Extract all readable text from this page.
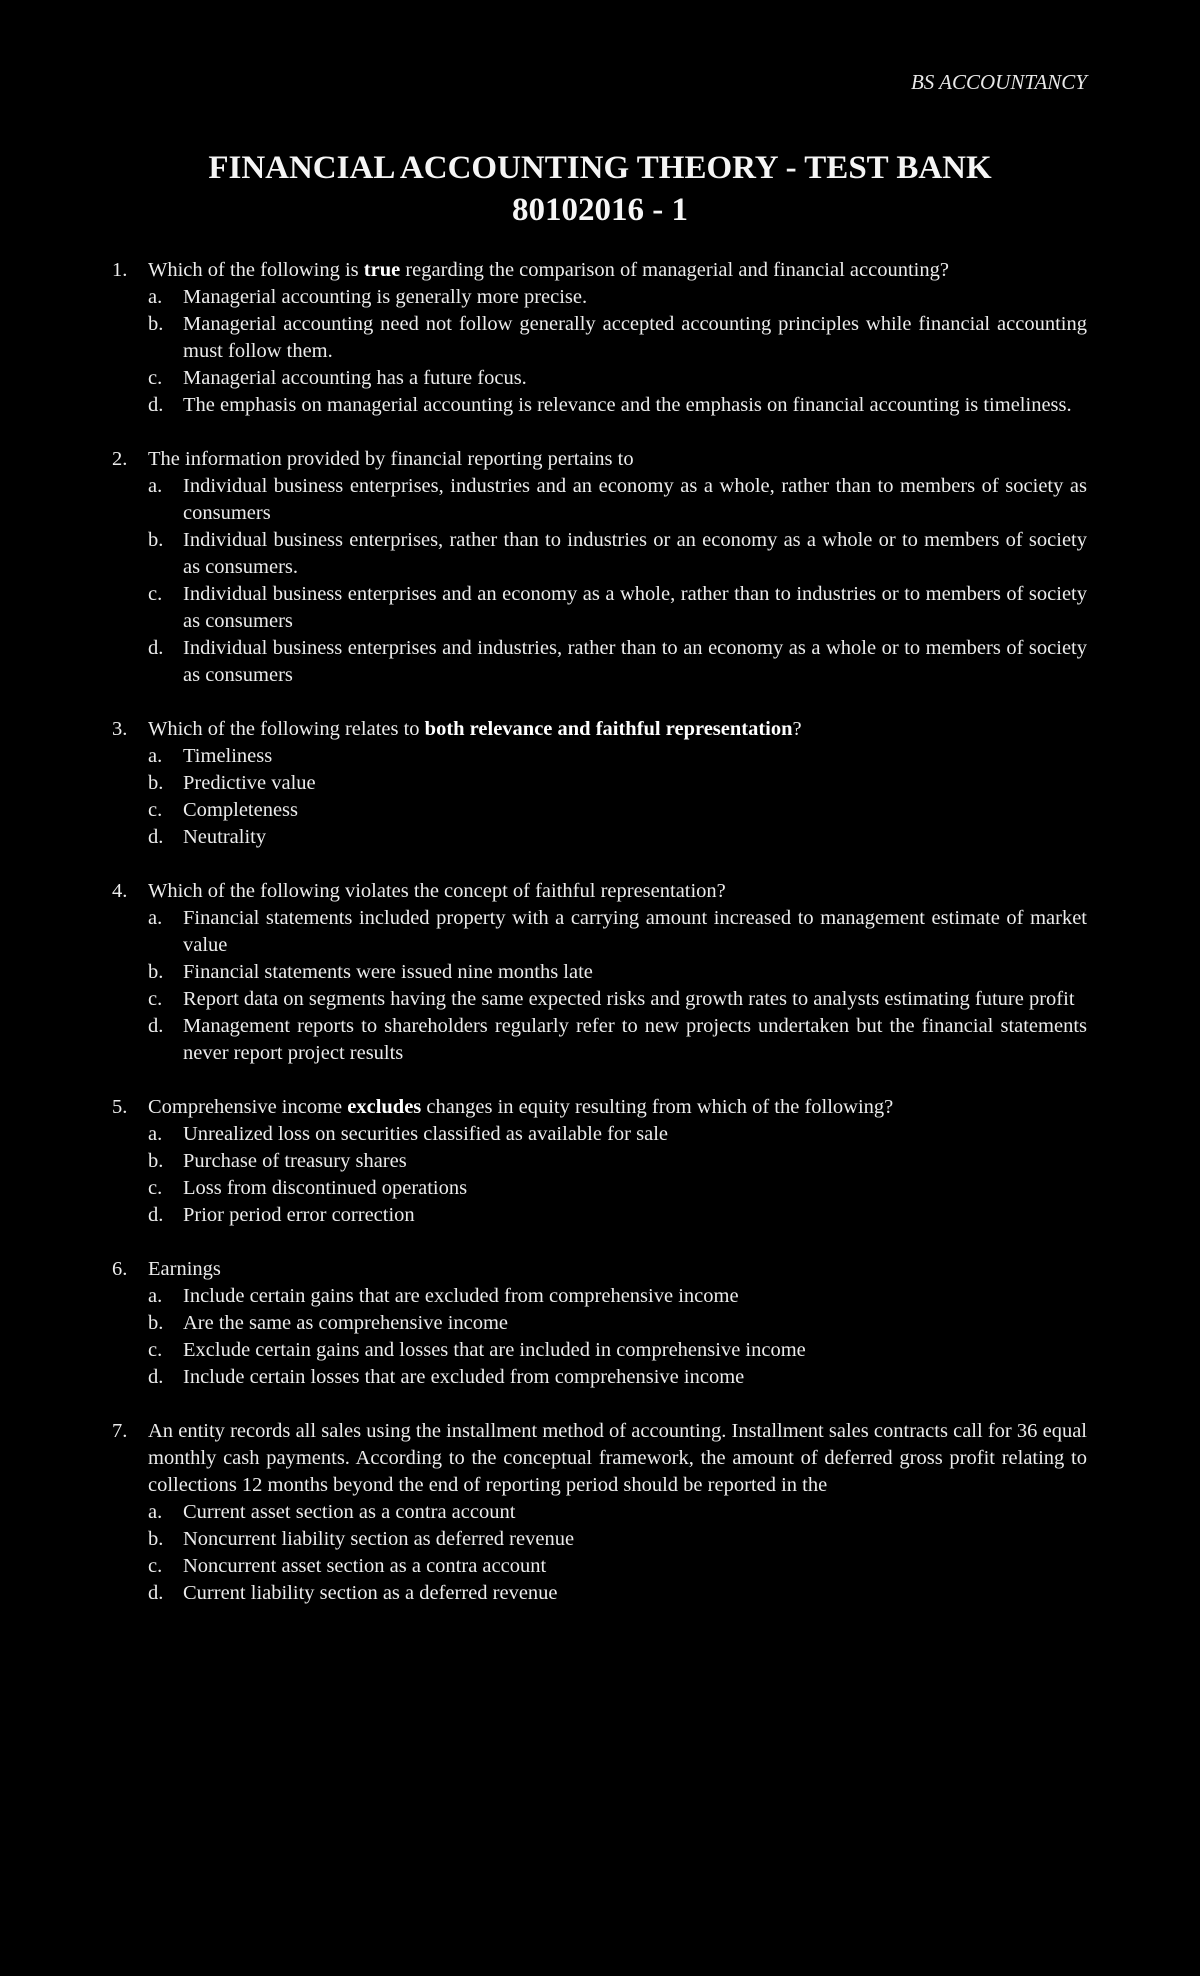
BS ACCOUNTANCY
FINANCIAL ACCOUNTING THEORY - TEST BANK
80102016 - 1
1.	Which of the following is true regarding the comparison of managerial and financial accounting?
a.	Managerial accounting is generally more precise.
b. Managerial accounting need not follow generally accepted accounting principles while financial accounting must follow them.
c.	Managerial accounting has a future focus.
d. The emphasis on managerial accounting is relevance and the emphasis on financial accounting is timeliness.
2.	The information provided by financial reporting pertains to
a.	Individual business enterprises, industries and an economy as a whole, rather than to members of society as consumers
b. Individual business enterprises, rather than to industries or an economy as a whole or to members of society as consumers.
c.	Individual business enterprises and an economy as a whole, rather than to industries or to members of society as consumers
d. Individual business enterprises and industries, rather than to an economy as a whole or to members of society as consumers
3.	Which of the following relates to both relevance and faithful representation?
a.	Timeliness
b. Predictive value
c.	Completeness
d. Neutrality
4.	Which of the following violates the concept of faithful representation?
a.	Financial statements included property with a carrying amount increased to management estimate of market value
b. Financial statements were issued nine months late
c.	Report data on segments having the same expected risks and growth rates to analysts estimating future profit
d. Management reports to shareholders regularly refer to new projects undertaken but the financial statements never report project results
5.	Comprehensive income excludes changes in equity resulting from which of the following?
a.	Unrealized loss on securities classified as available for sale
b. Purchase of treasury shares
c.	Loss from discontinued operations
d. Prior period error correction
6.	Earnings
a.	Include certain gains that are excluded from comprehensive income
b. Are the same as comprehensive income
c.	Exclude certain gains and losses that are included in comprehensive income
d. Include certain losses that are excluded from comprehensive income
7.	An entity records all sales using the installment method of accounting. Installment sales contracts call for 36 equal monthly cash payments. According to the conceptual framework, the amount of deferred gross profit relating to collections 12 months beyond the end of reporting period should be reported in the
a.	Current asset section as a contra account
b. Noncurrent liability section as deferred revenue
c.	Noncurrent asset section as a contra account
d. Current liability section as a deferred revenue
